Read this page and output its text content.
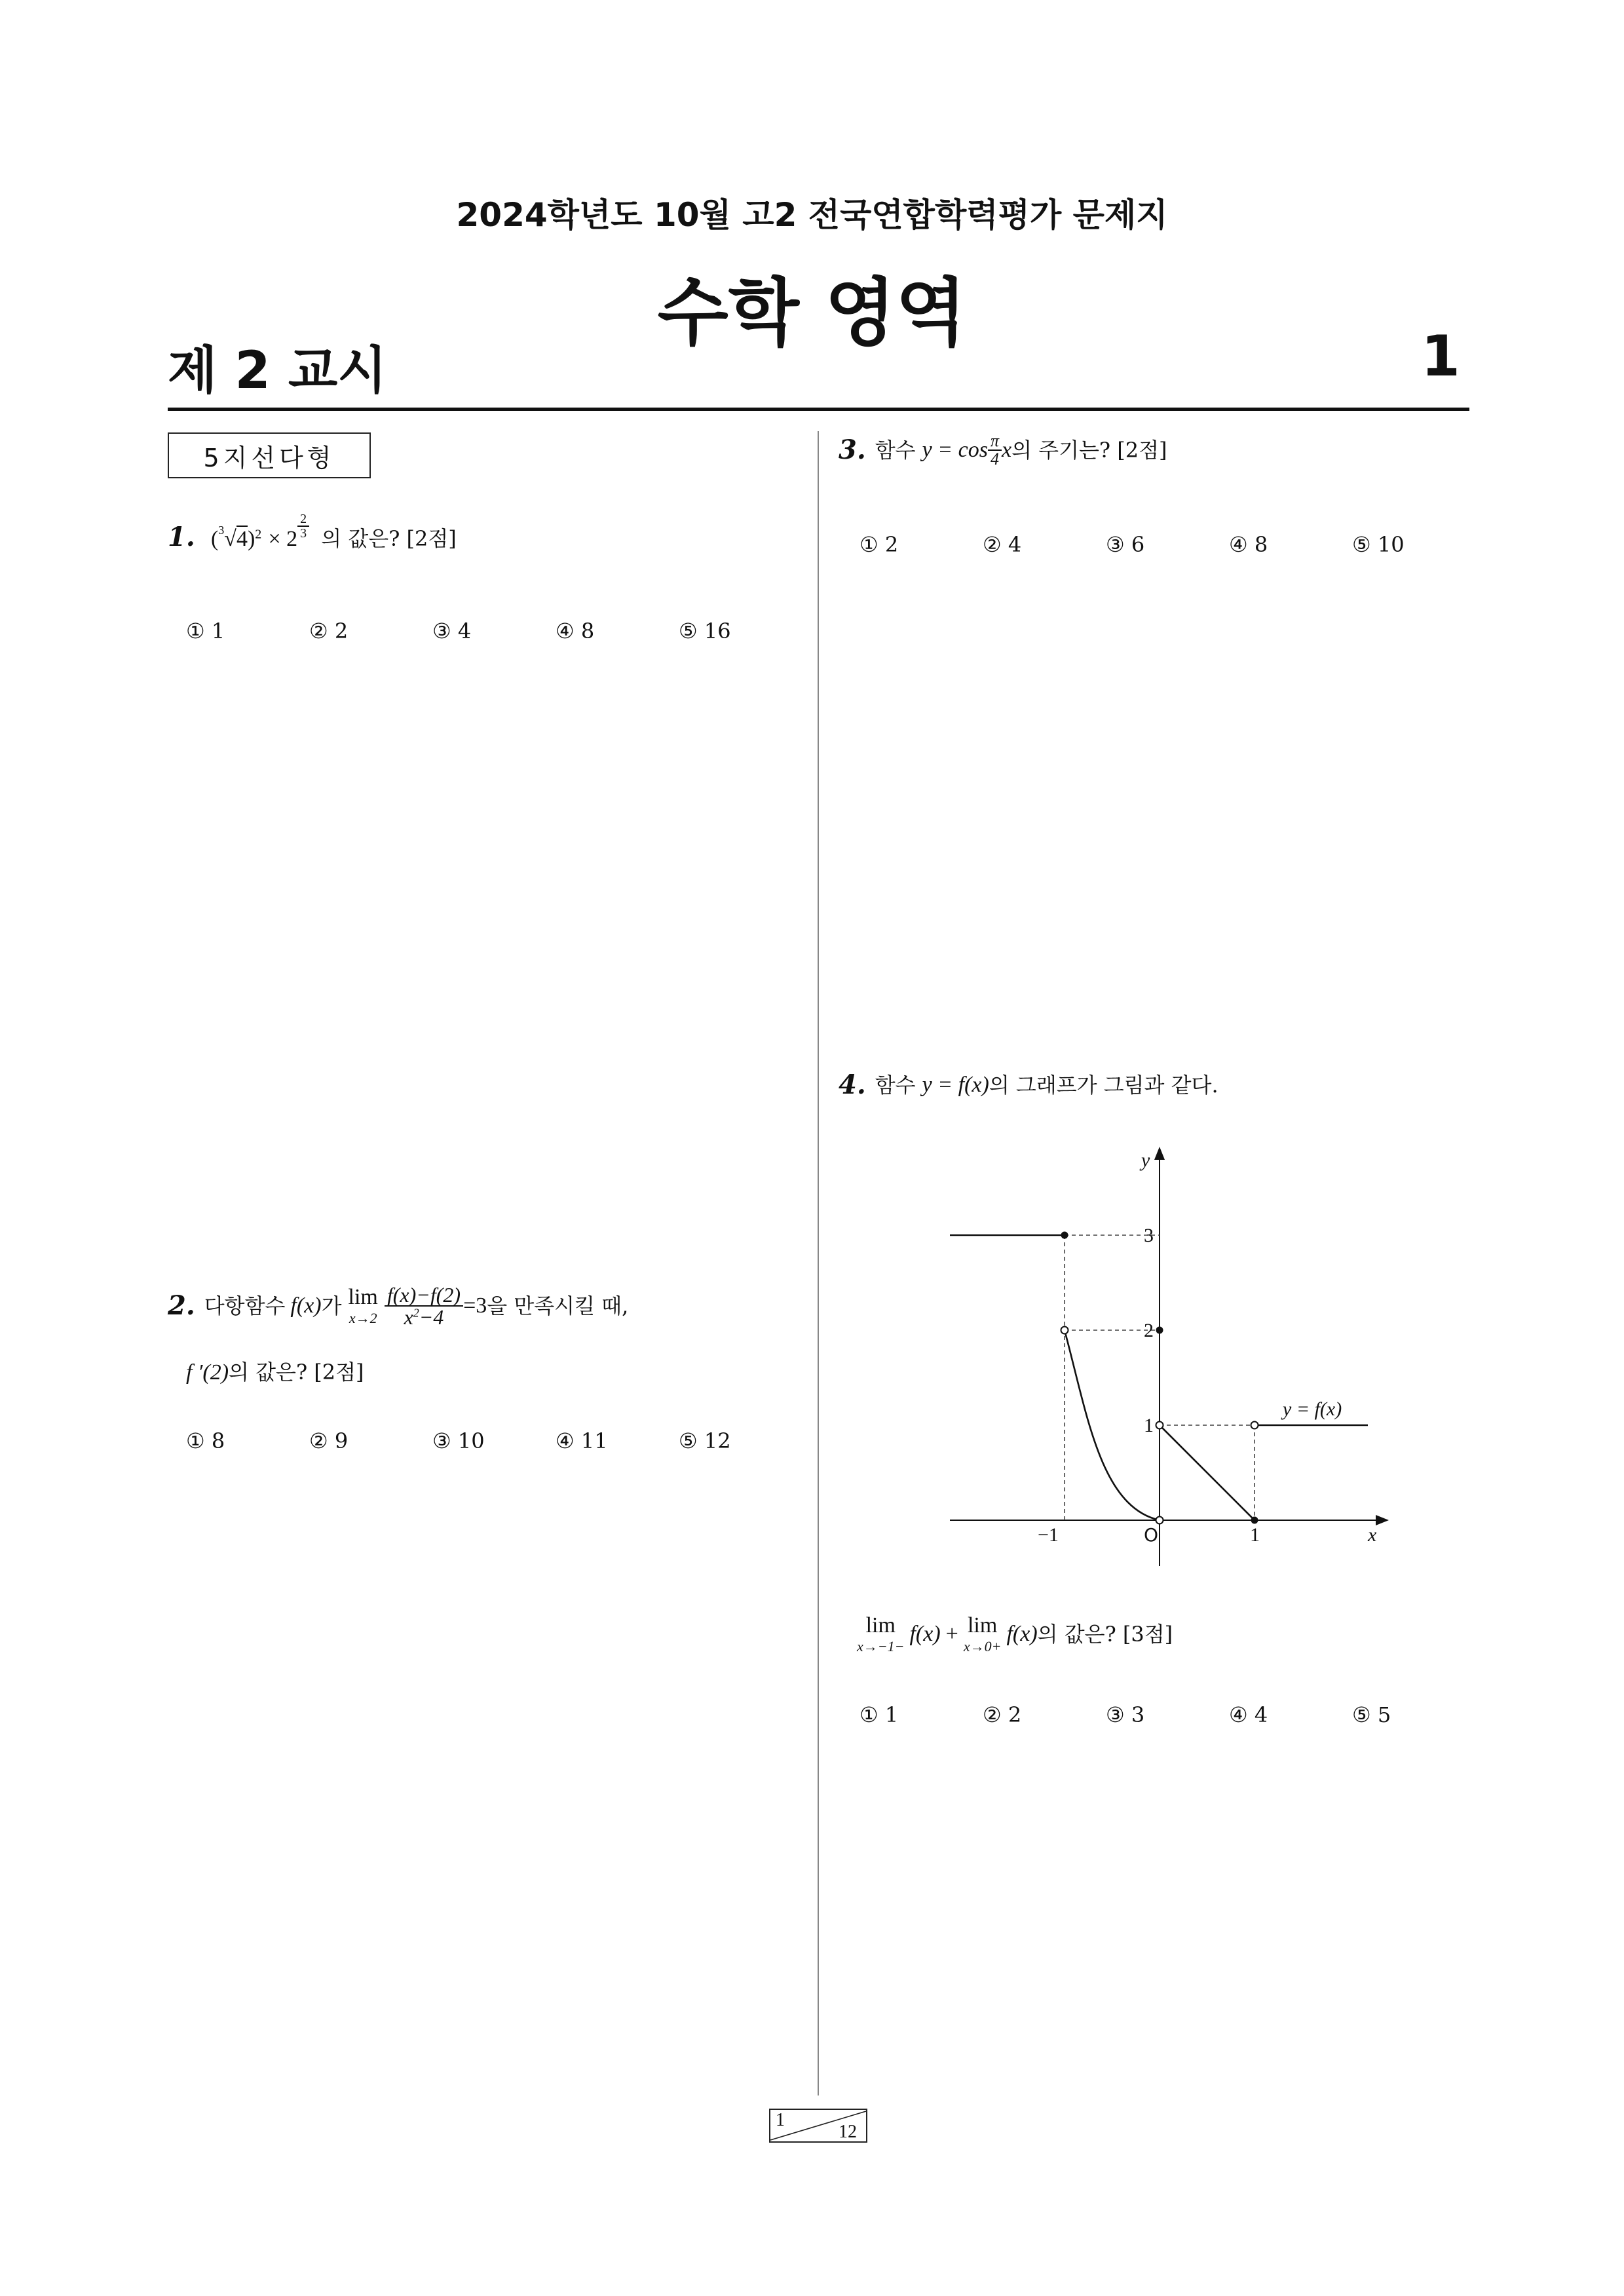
2024학년도 10월 고2 전국연합학력평가 문제지
수학 영역
제 2 교시	1
5지선다형
1. $(^3√4)^2 \times 2 \frac{2}{3}$ 의 값은? [2점]
① 1	② 2	③ 4	④ 8	⑤ 16
2. 다항함수 f(x) 가 lim
$x\to 2 \frac{f(x)-f(2)}{x^2-4} =3$ 을 만족시킬 때,
f ′(2)의 값은? [2점]
① 8	② 9	③ 10	④ 11	⑤ 12
3. 함수 $y = \cos \frac{\pi}{4}$ x 의 주기는? [2점]
① 2	② 4	③ 6	④ 8	⑤ 10
4. 함수 y = f(x) 의 그래프가 그림과 같다.
y
x
O
−1	1
1
2
3
y = f(x)
lim
x→−1−
f(x) + lim
x→0+
f(x) 의 값은? [3점]
① 1	② 2	③ 3	④ 4	⑤ 5
1
12
